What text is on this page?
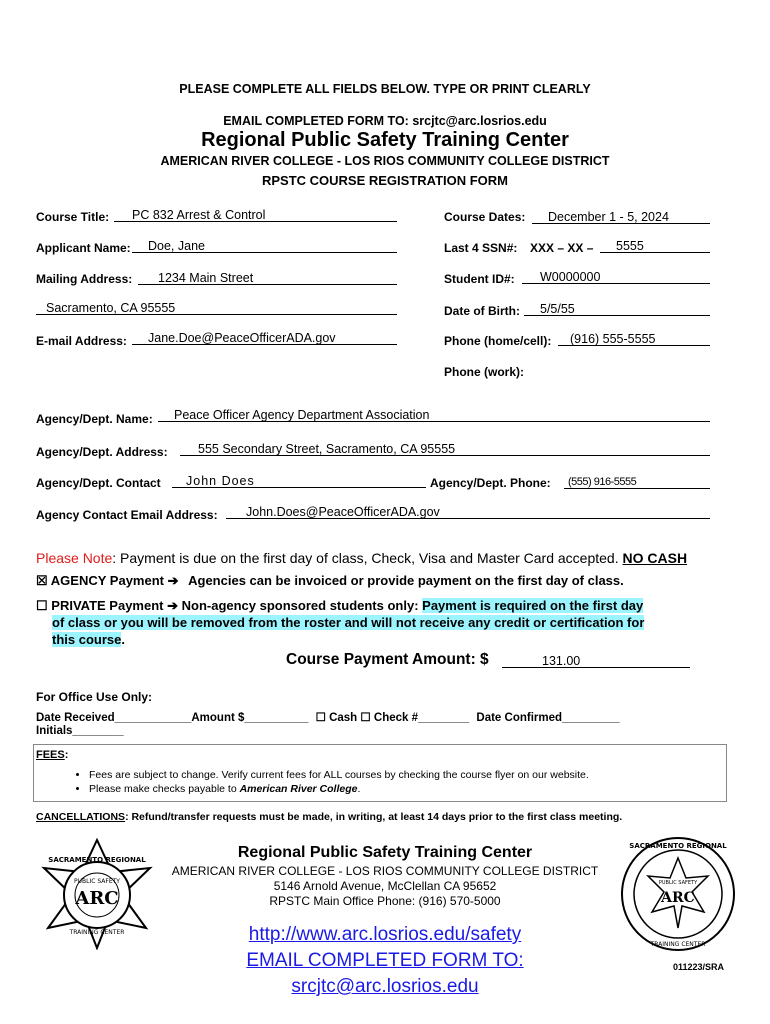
PLEASE COMPLETE ALL FIELDS BELOW. TYPE OR PRINT CLEARLY
EMAIL COMPLETED FORM TO: srcjtc@arc.losrios.edu
Regional Public Safety Training Center
AMERICAN RIVER COLLEGE - LOS RIOS COMMUNITY COLLEGE DISTRICT
RPSTC COURSE REGISTRATION FORM
Course Title:	PC 832 Arrest & Control
Applicant Name:	Doe, Jane
Mailing Address:	1234 Main Street
Sacramento, CA 95555
E-mail Address:	Jane.Doe@PeaceOfficerADA.gov
Course Dates:	December 1 - 5, 2024
Last 4 SSN#: XXX – XX –	5555
Student ID#:	W0000000
Date of Birth:	5/5/55
Phone (home/cell):	(916) 555-5555
Phone (work):
Agency/Dept. Name:	Peace Officer Agency Department Association
Agency/Dept. Address:	555 Secondary Street, Sacramento, CA 95555
Agency/Dept. Contact	John Does	Agency/Dept. Phone:	(555) 916-5555
Agency Contact Email Address:	John.Does@PeaceOfficerADA.gov
Please Note: Payment is due on the first day of class, Check, Visa and Master Card accepted. NO CASH
☒ AGENCY Payment ➔ Agencies can be invoiced or provide payment on the first day of class.
☐ PRIVATE Payment ➔ Non-agency sponsored students only: Payment is required on the first day
of class or you will be removed from the roster and will not receive any credit or certification for
this course.
Course Payment Amount: $	131.00
For Office Use Only:
Date Received____________Amount $__________ ☐ Cash ☐ Check #________ Date Confirmed_________
Initials________
FEES:
• Fees are subject to change. Verify current fees for ALL courses by checking the course flyer on our website.
• Please make checks payable to American River College.
CANCELLATIONS: Refund/transfer requests must be made, in writing, at least 14 days prior to the first class meeting.
SACRAMENTO REGIONAL
PUBLIC SAFETY
ARC
TRAINING CENTER
SACRAMENTO REGIONAL
PUBLIC SAFETY
ARC
TRAINING CENTER
Regional Public Safety Training Center
AMERICAN RIVER COLLEGE - LOS RIOS COMMUNITY COLLEGE DISTRICT
5146 Arnold Avenue, McClellan CA 95652
RPSTC Main Office Phone: (916) 570-5000
http://www.arc.losrios.edu/safety
EMAIL COMPLETED FORM TO:
srcjtc@arc.losrios.edu
011223/SRA
